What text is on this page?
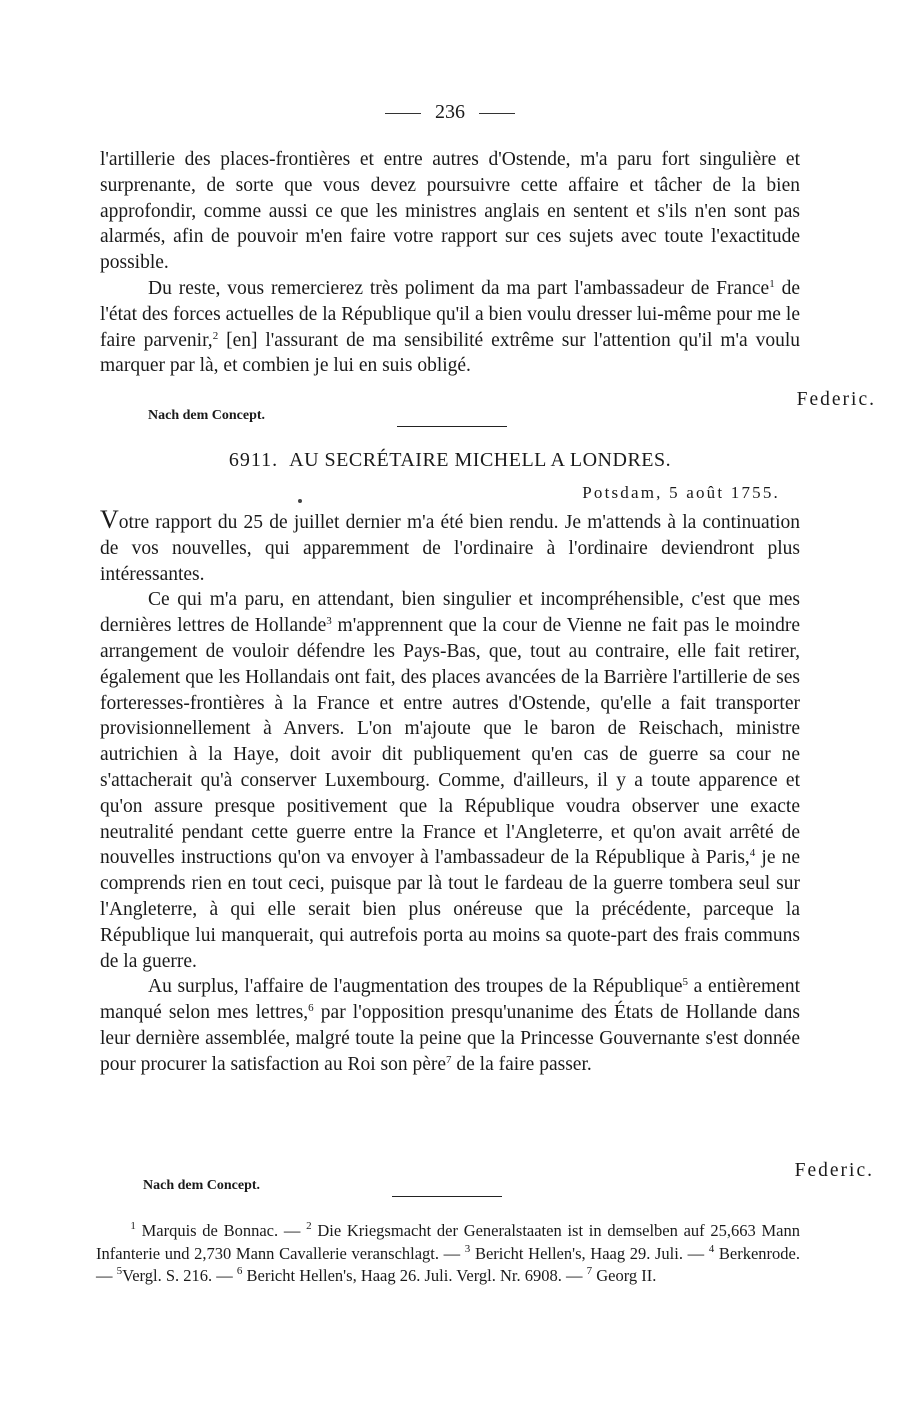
236

l'artillerie des places-frontières et entre autres d'Ostende, m'a paru fort singulière et surprenante, de sorte que vous devez poursuivre cette affaire et tâcher de la bien approfondir, comme aussi ce que les ministres anglais en sentent et s'ils n'en sont pas alarmés, afin de pouvoir m'en faire votre rapport sur ces sujets avec toute l'exactitude possible.

Du reste, vous remercierez très poliment da ma part l'ambassadeur de France$^1$ de l'état des forces actuelles de la République qu'il a bien voulu dresser lui-même pour me le faire parvenir,$^2$ [en] l'assurant de ma sensibilité extrême sur l'attention qu'il m'a voulu marquer par là, et combien je lui en suis obligé.

Federic.
Nach dem Concept.
6911. AU SECRÉTAIRE MICHELL A LONDRES.
Potsdam, 5 août 1755.

Votre rapport du 25 de juillet dernier m'a été bien rendu. Je m'attends à la continuation de vos nouvelles, qui apparemment de l'ordinaire à l'ordinaire deviendront plus intéressantes.

Ce qui m'a paru, en attendant, bien singulier et incompréhensible, c'est que mes dernières lettres de Hollande$^3$ m'apprennent que la cour de Vienne ne fait pas le moindre arrangement de vouloir défendre les Pays-Bas, que, tout au contraire, elle fait retirer, également que les Hollandais ont fait, des places avancées de la Barrière l'artillerie de ses forteresses-frontières à la France et entre autres d'Ostende, qu'elle a fait transporter provisionnellement à Anvers. L'on m'ajoute que le baron de Reischach, ministre autrichien à la Haye, doit avoir dit publiquement qu'en cas de guerre sa cour ne s'attacherait qu'à conserver Luxembourg. Comme, d'ailleurs, il y a toute apparence et qu'on assure presque positivement que la République voudra observer une exacte neutralité pendant cette guerre entre la France et l'Angleterre, et qu'on avait arrêté de nouvelles instructions qu'on va envoyer à l'ambassadeur de la République à Paris,$^4$ je ne comprends rien en tout ceci, puisque par là tout le fardeau de la guerre tombera seul sur l'Angleterre, à qui elle serait bien plus onéreuse que la précédente, parceque la République lui manquerait, qui autrefois porta au moins sa quote-part des frais communs de la guerre.

Au surplus, l'affaire de l'augmentation des troupes de la République$^5$ a entièrement manqué selon mes lettres,$^6$ par l'opposition presqu'unanime des États de Hollande dans leur dernière assemblée, malgré toute la peine que la Princesse Gouvernante s'est donnée pour procurer la satisfaction au Roi son père$^7$ de la faire passer.

Federic.
Nach dem Concept.

$^1$ Marquis de Bonnac. — $^2$ Die Kriegsmacht der Generalstaaten ist in demselben auf 25,663 Mann Infanterie und 2,730 Mann Cavallerie veranschlagt. — $^3$ Bericht Hellen's, Haag 29. Juli. — $^4$ Berkenrode. — $^5$Vergl. S. 216. — $^6$ Bericht Hellen's, Haag 26. Juli. Vergl. Nr. 6908. — $^7$ Georg II.
